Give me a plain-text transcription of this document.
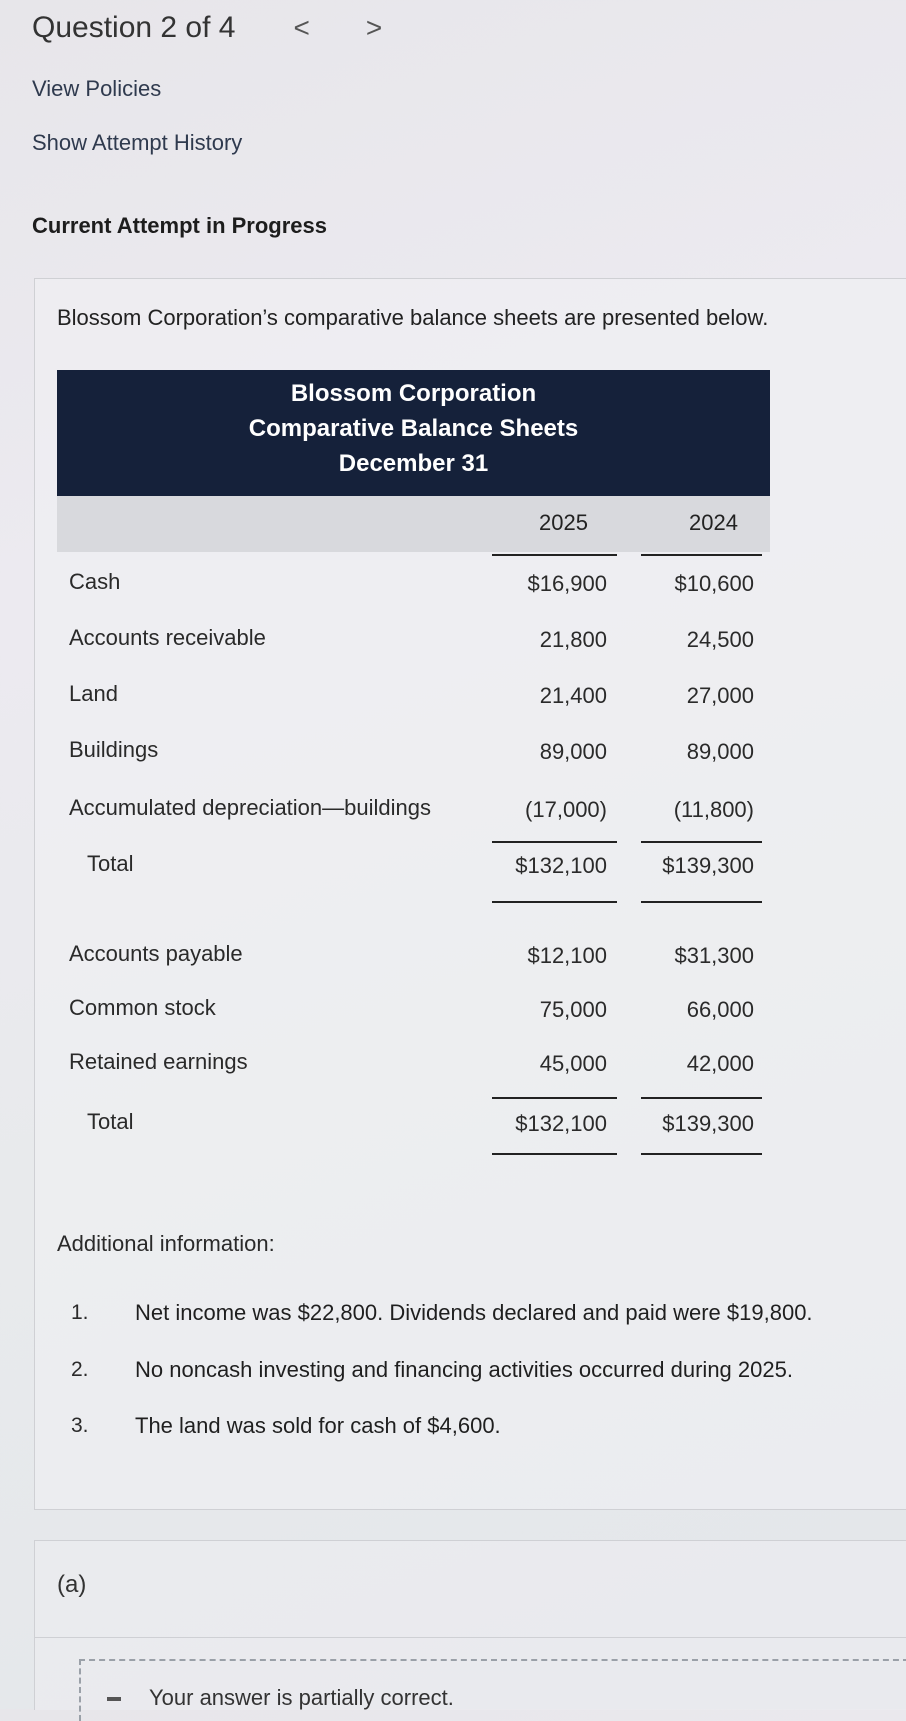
Question 2 of 4 < >
View Policies
Show Attempt History
Current Attempt in Progress
Blossom Corporation’s comparative balance sheets are presented below.
Blossom Corporation
Comparative Balance Sheets
December 31
2025	2024
Cash	$16,900	$10,600
Accounts receivable	21,800	24,500
Land	21,400	27,000
Buildings	89,000	89,000
Accumulated depreciation—buildings	(17,000)	(11,800)
Total	$132,100	$139,300
Accounts payable	$12,100	$31,300
Common stock	75,000	66,000
Retained earnings	45,000	42,000
Total	$132,100	$139,300
Additional information:
1. Net income was $22,800. Dividends declared and paid were $19,800.
2. No noncash investing and financing activities occurred during 2025.
3. The land was sold for cash of $4,600.
(a)
Your answer is partially correct.
